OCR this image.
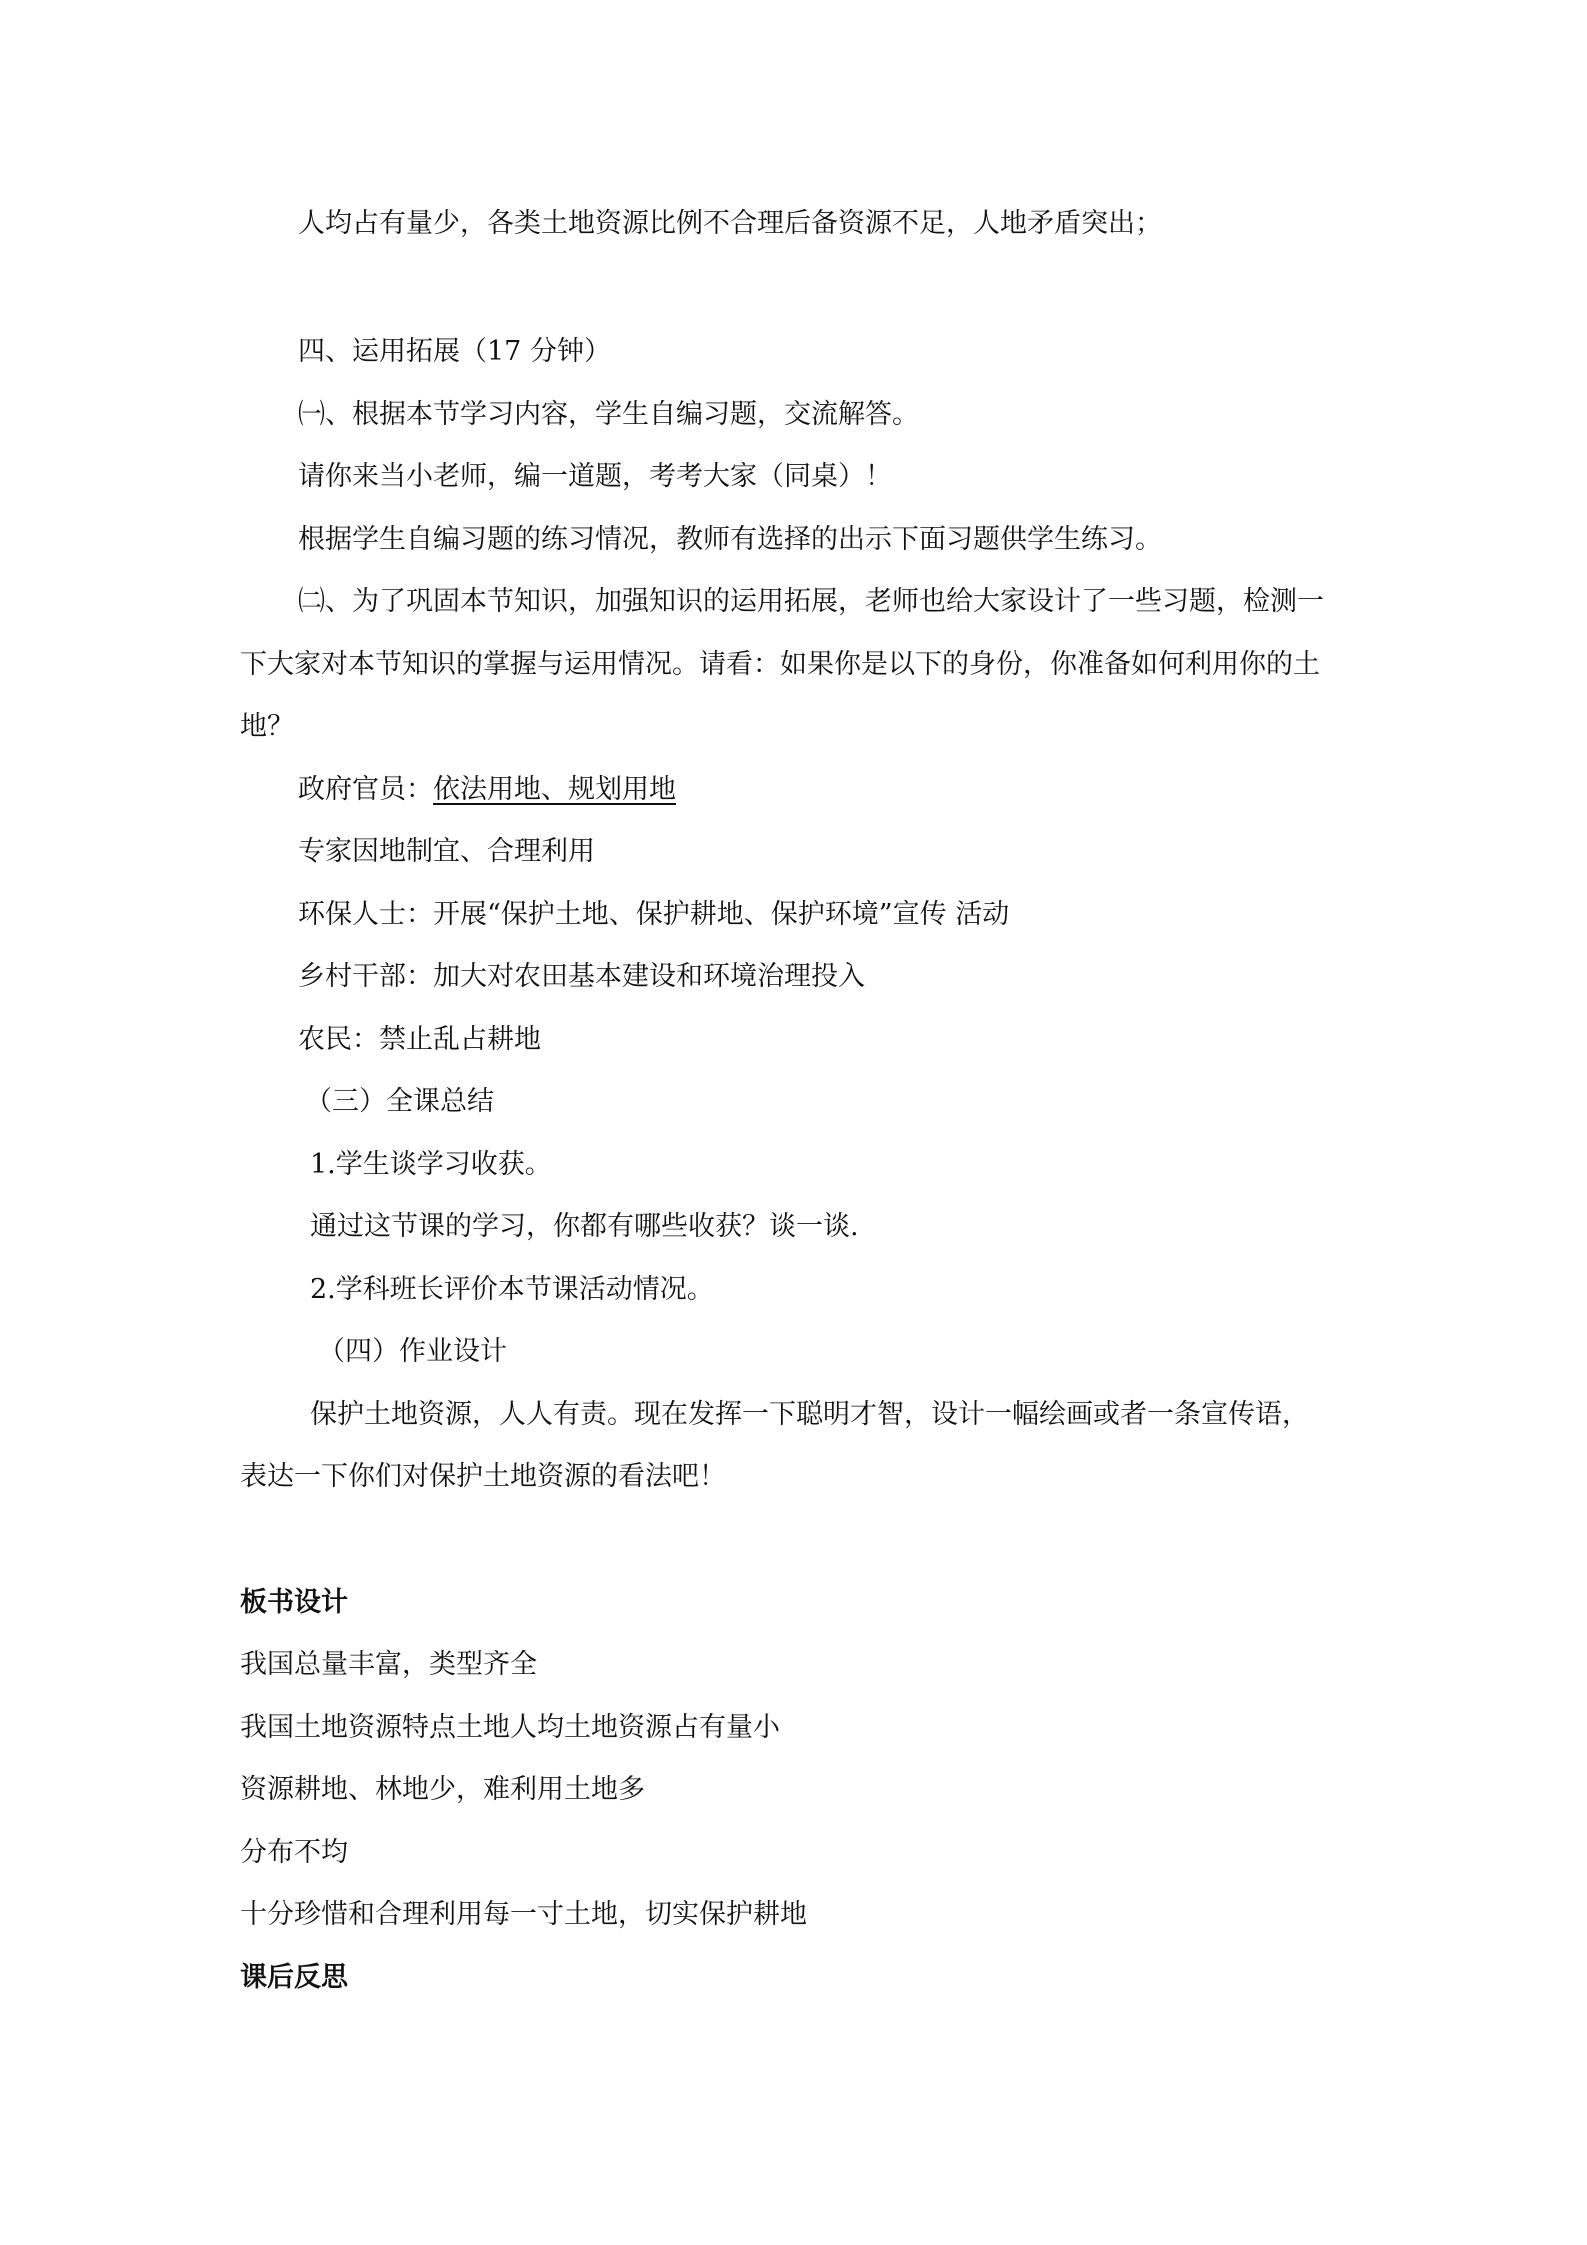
人均占有量少，各类土地资源比例不合理后备资源不足，人地矛盾突出；
四、运用拓展（17 分钟）
㈠、根据本节学习内容，学生自编习题，交流解答。
请你来当小老师，编一道题，考考大家（同桌）！
根据学生自编习题的练习情况，教师有选择的出示下面习题供学生练习。
㈡、为了巩固本节知识，加强知识的运用拓展，老师也给大家设计了一些习题，检测一
下大家对本节知识的掌握与运用情况。请看：如果你是以下的身份，你准备如何利用你的土
地？
政府官员：依法用地、规划用地
专家因地制宜、合理利用
环保人士：开展“保护土地、保护耕地、保护环境”宣传 活动
乡村干部：加大对农田基本建设和环境治理投入
农民：禁止乱占耕地
（三）全课总结
1.学生谈学习收获。
通过这节课的学习，你都有哪些收获？谈一谈.
2.学科班长评价本节课活动情况。
（四）作业设计
保护土地资源，人人有责。现在发挥一下聪明才智，设计一幅绘画或者一条宣传语，
表达一下你们对保护土地资源的看法吧！
板书设计
我国总量丰富，类型齐全
我国土地资源特点土地人均土地资源占有量小
资源耕地、林地少，难利用土地多
分布不均
十分珍惜和合理利用每一寸土地，切实保护耕地
课后反思
